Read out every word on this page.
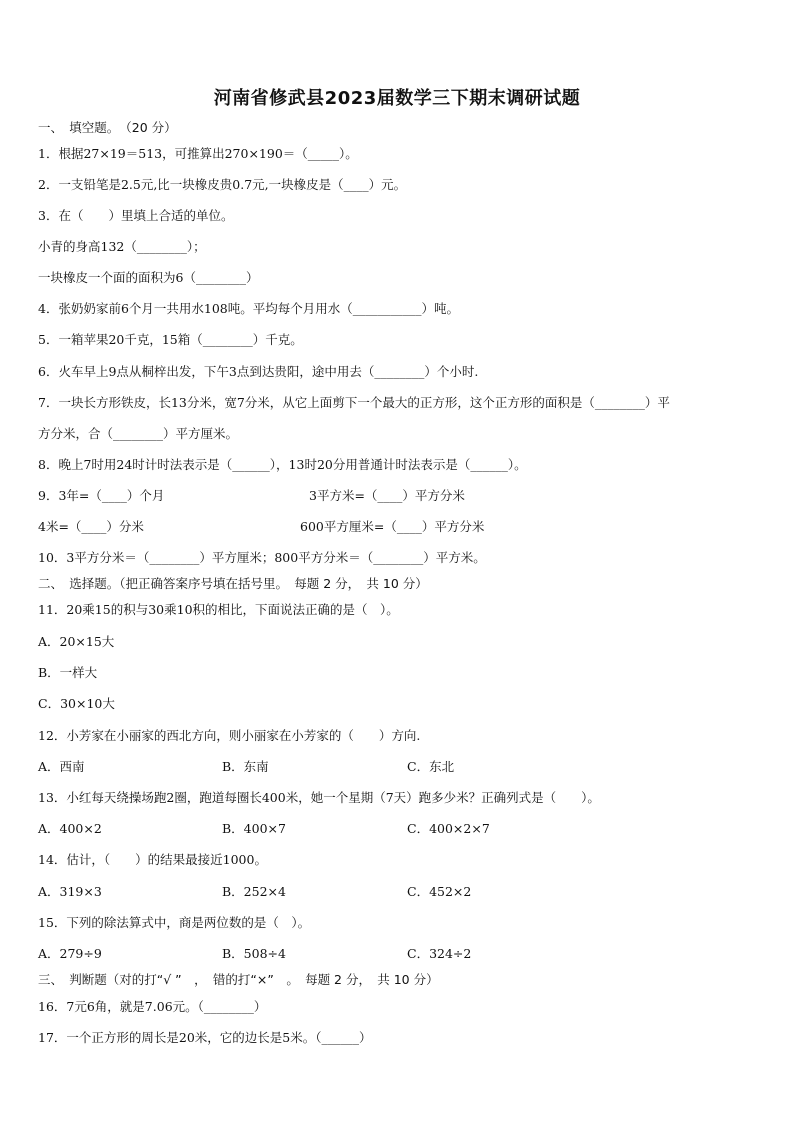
河南省修武县2023届数学三下期末调研试题
一、　填空题。　（20 分）
1．根据27×19＝513，可推算出270×190＝（_____）。
2．一支铅笔是2.5元,比一块橡皮贵0.7元,一块橡皮是（____）元。
3．在（　　）里填上合适的单位。
小青的身高132（________）；
一块橡皮一个面的面积为6（________）
4．张奶奶家前6个月一共用水108吨。平均每个月用水（___________）吨。
5．一箱苹果20千克，15箱（________）千克。
6．火车早上9点从桐梓出发，下午3点到达贵阳，途中用去（________）个小时.
7．一块长方形铁皮，长13分米，宽7分米，从它上面剪下一个最大的正方形，这个正方形的面积是（________）平
方分米，合（________）平方厘米。
8．晚上7时用24时计时法表示是（______），13时20分用普通计时法表示是（______）。
9．3年=（____）个月	3平方米=（____）平方分米
4米=（____）分米	600平方厘米=（____）平方分米
10．3平方分米＝（________）平方厘米；800平方分米＝（________）平方米。
二、　选择题。（把正确答案序号填在括号里。　每题 2 分，　共 10 分）
11．20乘15的积与30乘10积的相比，下面说法正确的是（　）。
A．20×15大
B．一样大
C．30×10大
12．小芳家在小丽家的西北方向，则小丽家在小芳家的（　　）方向.
A．西南	B．东南	C．东北
13．小红每天绕操场跑2圈，跑道每圈长400米，她一个星期（7天）跑多少米？正确列式是（　　）。
A．400×2	B．400×7	C．400×2×7
14．估计，（　　）的结果最接近1000。
A．319×3	B．252×4	C．452×2
15．下列的除法算式中，商是两位数的是（　）。
A．279÷9	B．508÷4	C．324÷2
三、　判断题（对的打“√ ”　，　错的打“×”　。　每题 2 分，　共 10 分）
16．7元6角，就是7.06元。（________）
17．一个正方形的周长是20米，它的边长是5米。（______）
